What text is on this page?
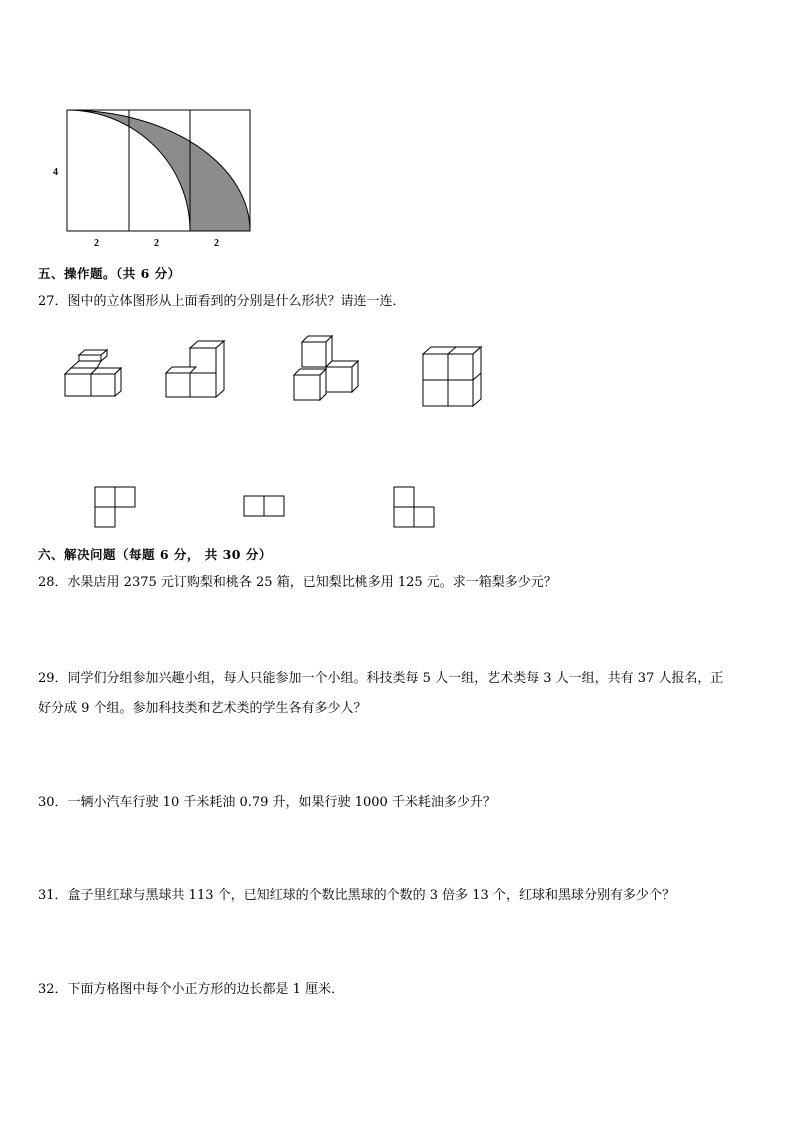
4
2	2	2
五、操作题。（共 6 分）
27．图中的立体图形从上面看到的分别是什么形状？请连一连．
六、解决问题（每题 6 分， 共 30 分）
28．水果店用 2375 元订购梨和桃各 25 箱，已知梨比桃多用 125 元。求一箱梨多少元？
29．同学们分组参加兴趣小组，每人只能参加一个小组。科技类每 5 人一组，艺术类每 3 人一组，共有 37 人报名，正
好分成 9 个组。参加科技类和艺术类的学生各有多少人？
30．一辆小汽车行驶 10 千米耗油 0.79 升，如果行驶 1000 千米耗油多少升？
31．盒子里红球与黑球共 113 个，已知红球的个数比黑球的个数的 3 倍多 13 个，红球和黑球分别有多少个？
32．下面方格图中每个小正方形的边长都是 1 厘米．
